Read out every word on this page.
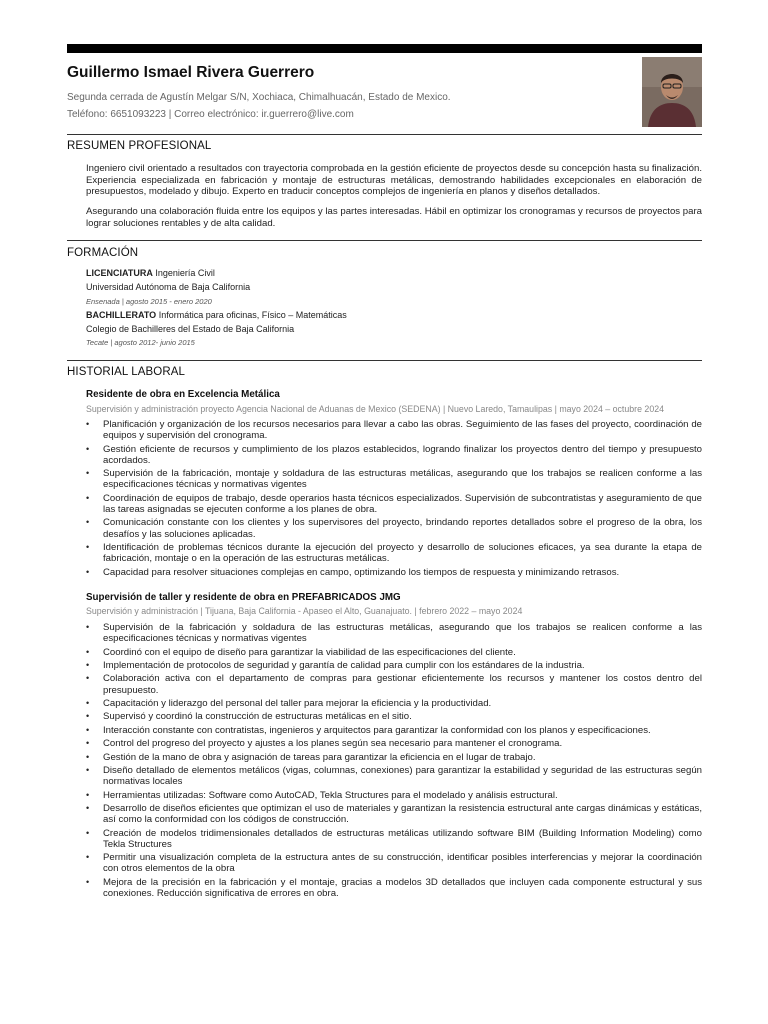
Guillermo Ismael Rivera Guerrero
Segunda cerrada de Agustín Melgar S/N, Xochiaca, Chimalhuacán, Estado de Mexico.
Teléfono: 6651093223 | Correo electrónico: ir.guerrero@live.com
RESUMEN PROFESIONAL

Ingeniero civil orientado a resultados con trayectoria comprobada en la gestión eficiente de proyectos desde su concepción hasta su finalización. Experiencia especializada en fabricación y montaje de estructuras metálicas, demostrando habilidades excepcionales en elaboración de presupuestos, modelado y dibujo. Experto en traducir conceptos complejos de ingeniería en planos y diseños detallados.

Asegurando una colaboración fluida entre los equipos y las partes interesadas. Hábil en optimizar los cronogramas y recursos de proyectos para lograr soluciones rentables y de alta calidad.

FORMACIÓN
LICENCIATURA Ingeniería Civil
Universidad Autónoma de Baja California
Ensenada | agosto 2015 - enero 2020
BACHILLERATO Informática para oficinas, Físico – Matemáticas
Colegio de Bachilleres del Estado de Baja California
Tecate | agosto 2012- junio 2015
HISTORIAL LABORAL
Residente de obra en Excelencia Metálica
Supervisión y administración proyecto Agencia Nacional de Aduanas de Mexico (SEDENA) | Nuevo Laredo, Tamaulipas | mayo 2024 – octubre 2024
• Planificación y organización de los recursos necesarios para llevar a cabo las obras. Seguimiento de las fases del proyecto, coordinación de equipos y supervisión del cronograma.
• Gestión eficiente de recursos y cumplimiento de los plazos establecidos, logrando finalizar los proyectos dentro del tiempo y presupuesto acordados.
• Supervisión de la fabricación, montaje y soldadura de las estructuras metálicas, asegurando que los trabajos se realicen conforme a las especificaciones técnicas y normativas vigentes
• Coordinación de equipos de trabajo, desde operarios hasta técnicos especializados. Supervisión de subcontratistas y aseguramiento de que las tareas asignadas se ejecuten conforme a los planes de obra.
• Comunicación constante con los clientes y los supervisores del proyecto, brindando reportes detallados sobre el progreso de la obra, los desafíos y las soluciones aplicadas.
• Identificación de problemas técnicos durante la ejecución del proyecto y desarrollo de soluciones eficaces, ya sea durante la etapa de fabricación, montaje o en la operación de las estructuras metálicas.
• Capacidad para resolver situaciones complejas en campo, optimizando los tiempos de respuesta y minimizando retrasos.
Supervisión de taller y residente de obra en PREFABRICADOS JMG
Supervisión y administración | Tijuana, Baja California - Apaseo el Alto, Guanajuato. | febrero 2022 – mayo 2024
• Supervisión de la fabricación y soldadura de las estructuras metálicas, asegurando que los trabajos se realicen conforme a las especificaciones técnicas y normativas vigentes
• Coordinó con el equipo de diseño para garantizar la viabilidad de las especificaciones del cliente.
• Implementación de protocolos de seguridad y garantía de calidad para cumplir con los estándares de la industria.
• Colaboración activa con el departamento de compras para gestionar eficientemente los recursos y mantener los costos dentro del presupuesto.
• Capacitación y liderazgo del personal del taller para mejorar la eficiencia y la productividad.
• Supervisó y coordinó la construcción de estructuras metálicas en el sitio.
• Interacción constante con contratistas, ingenieros y arquitectos para garantizar la conformidad con los planos y especificaciones.
• Control del progreso del proyecto y ajustes a los planes según sea necesario para mantener el cronograma.
• Gestión de la mano de obra y asignación de tareas para garantizar la eficiencia en el lugar de trabajo.
• Diseño detallado de elementos metálicos (vigas, columnas, conexiones) para garantizar la estabilidad y seguridad de las estructuras según normativas locales
• Herramientas utilizadas: Software como AutoCAD, Tekla Structures para el modelado y análisis estructural.
• Desarrollo de diseños eficientes que optimizan el uso de materiales y garantizan la resistencia estructural ante cargas dinámicas y estáticas, así como la conformidad con los códigos de construcción.
• Creación de modelos tridimensionales detallados de estructuras metálicas utilizando software BIM (Building Information Modeling) como Tekla Structures
• Permitir una visualización completa de la estructura antes de su construcción, identificar posibles interferencias y mejorar la coordinación con otros elementos de la obra
• Mejora de la precisión en la fabricación y el montaje, gracias a modelos 3D detallados que incluyen cada componente estructural y sus conexiones. Reducción significativa de errores en obra.
